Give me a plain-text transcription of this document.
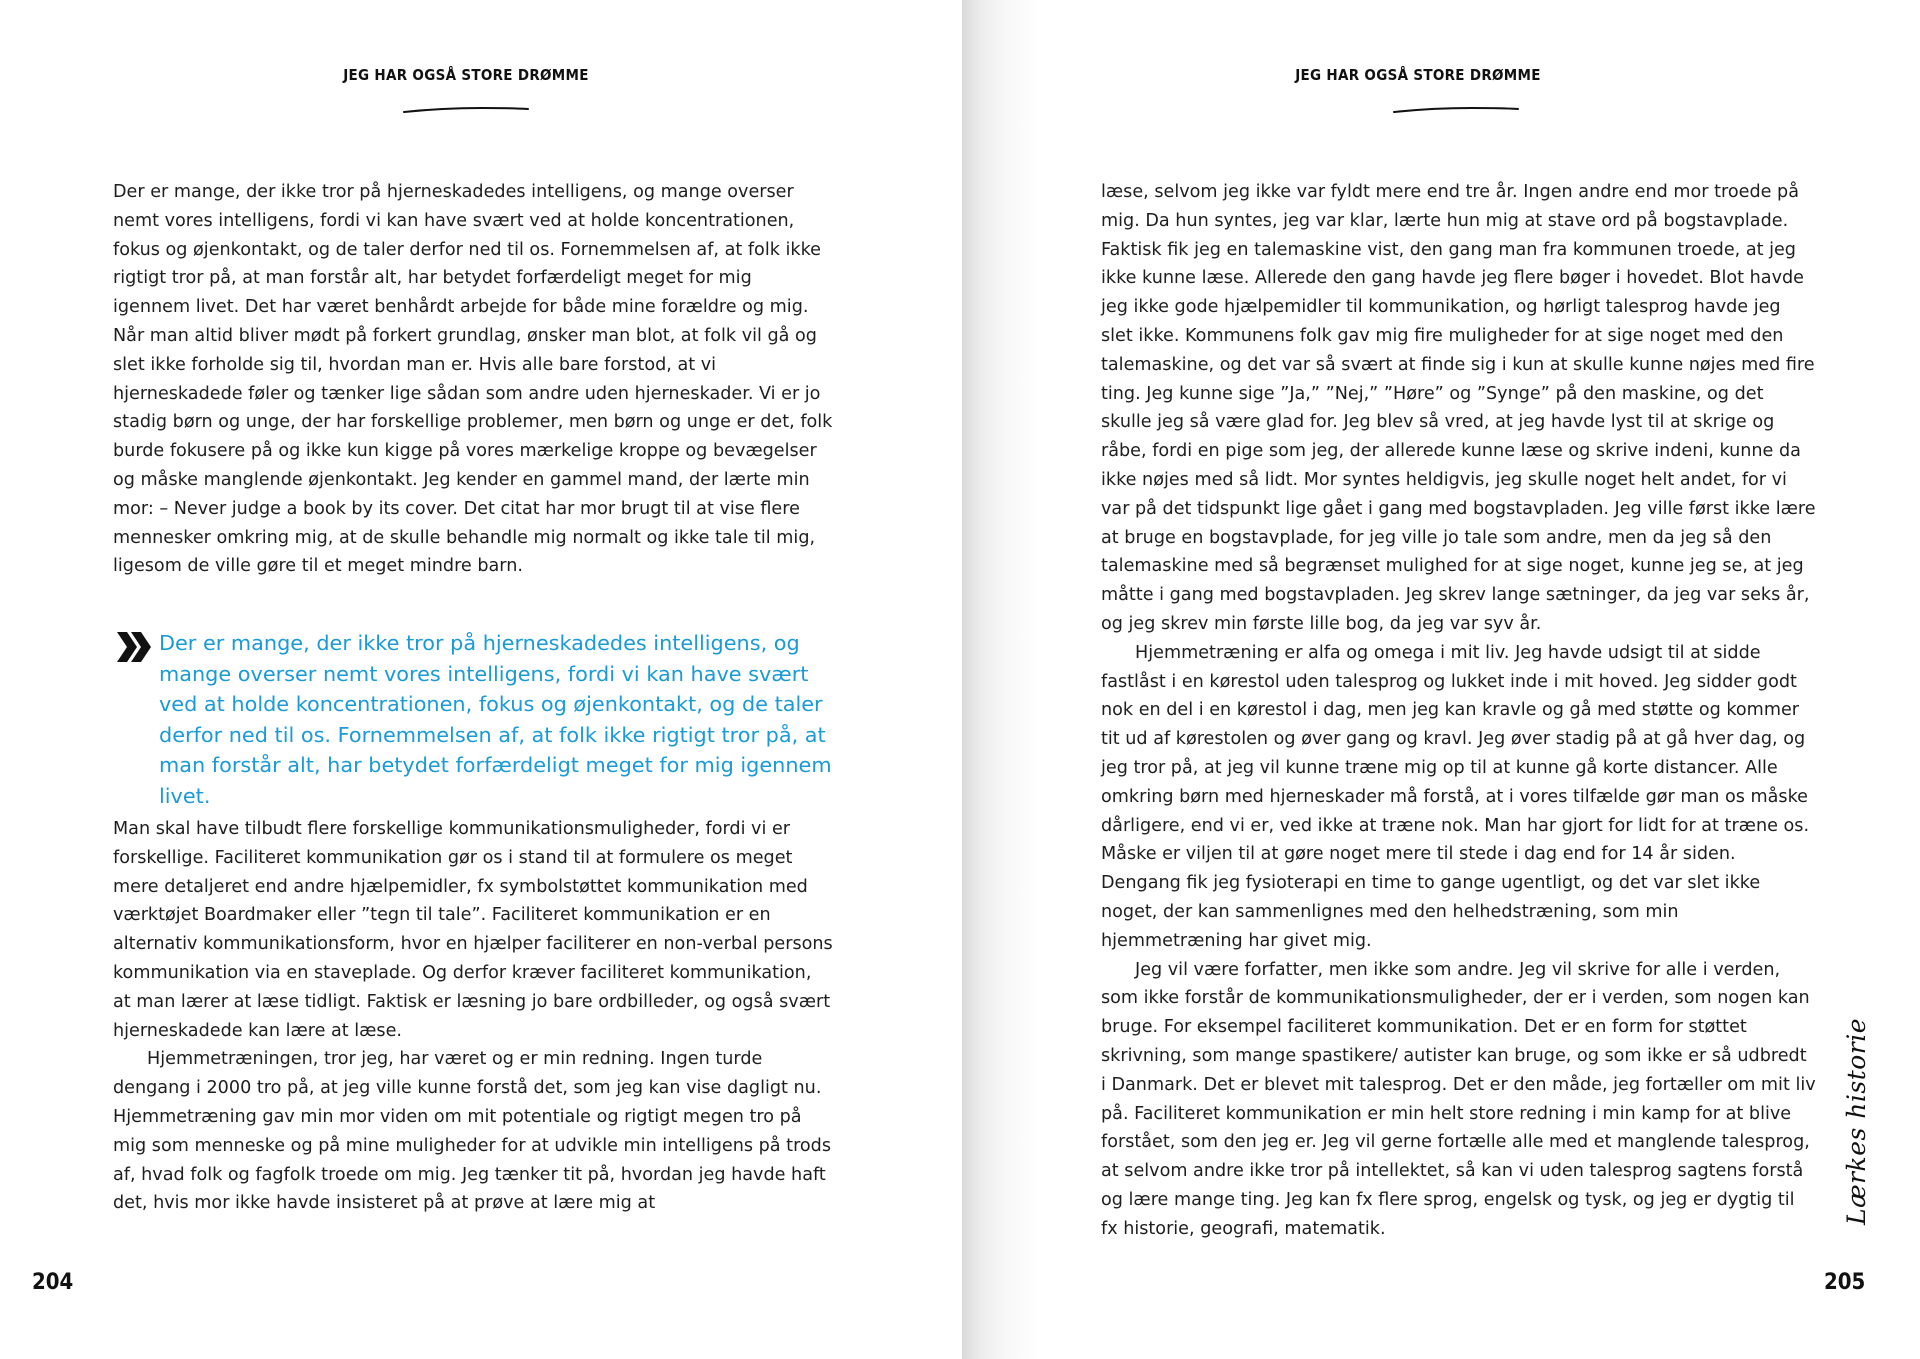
JEG HAR OGSÅ STORE DRØMME

Der er mange, der ikke tror på hjerneskadedes intelligens, og mange overser nemt vores intelligens, fordi vi kan have svært ved at holde koncentrationen, fokus og øjenkontakt, og de taler derfor ned til os. Fornemmelsen af, at folk ikke rigtigt tror på, at man forstår alt, har betydet forfærdeligt meget for mig igennem livet. Det har været benhårdt arbejde for både mine forældre og mig. Når man altid bliver mødt på forkert grundlag, ønsker man blot, at folk vil gå og slet ikke forholde sig til, hvordan man er. Hvis alle bare forstod, at vi hjerneskadede føler og tænker lige sådan som andre uden hjerneskader. Vi er jo stadig børn og unge, der har forskellige problemer, men børn og unge er det, folk burde fokusere på og ikke kun kigge på vores mærkelige kroppe og bevægelser og måske manglende øjenkontakt. Jeg kender en gammel mand, der lærte min mor: – Never judge a book by its cover. Det citat har mor brugt til at vise flere mennesker omkring mig, at de skulle behandle mig normalt og ikke tale til mig, ligesom de ville gøre til et meget mindre barn.

Der er mange, der ikke tror på hjerneskadedes intelligens, og mange overser nemt vores intelligens, fordi vi kan have svært ved at holde koncentrationen, fokus og øjenkontakt, og de taler derfor ned til os. Fornemmelsen af, at folk ikke rigtigt tror på, at man forstår alt, har betydet forfærdeligt meget for mig igennem livet.

Man skal have tilbudt flere forskellige kommunikationsmuligheder, fordi vi er forskellige. Faciliteret kommunikation gør os i stand til at formulere os meget mere detaljeret end andre hjælpemidler, fx symbolstøttet kommunikation med værktøjet Boardmaker eller ”tegn til tale”. Faciliteret kommunikation er en alternativ kommunikationsform, hvor en hjælper faciliterer en non-verbal persons kommunikation via en staveplade. Og derfor kræver faciliteret kommunikation, at man lærer at læse tidligt. Faktisk er læsning jo bare ordbilleder, og også svært hjerneskadede kan lære at læse.

Hjemmetræningen, tror jeg, har været og er min redning. Ingen turde dengang i 2000 tro på, at jeg ville kunne forstå det, som jeg kan vise dagligt nu. Hjemmetræning gav min mor viden om mit potentiale og rigtigt megen tro på mig som menneske og på mine muligheder for at udvikle min intelligens på trods af, hvad folk og fagfolk troede om mig. Jeg tænker tit på, hvordan jeg havde haft det, hvis mor ikke havde insisteret på at prøve at lære mig at

204
JEG HAR OGSÅ STORE DRØMME

læse, selvom jeg ikke var fyldt mere end tre år. Ingen andre end mor troede på mig. Da hun syntes, jeg var klar, lærte hun mig at stave ord på bogstavplade. Faktisk fik jeg en talemaskine vist, den gang man fra kommunen troede, at jeg ikke kunne læse. Allerede den gang havde jeg flere bøger i hovedet. Blot havde jeg ikke gode hjælpemidler til kommunikation, og hørligt talesprog havde jeg slet ikke. Kommunens folk gav mig fire muligheder for at sige noget med den talemaskine, og det var så svært at finde sig i kun at skulle kunne nøjes med fire ting. Jeg kunne sige ”Ja,” ”Nej,” ”Høre” og ”Synge” på den maskine, og det skulle jeg så være glad for. Jeg blev så vred, at jeg havde lyst til at skrige og råbe, fordi en pige som jeg, der allerede kunne læse og skrive indeni, kunne da ikke nøjes med så lidt. Mor syntes heldigvis, jeg skulle noget helt andet, for vi var på det tidspunkt lige gået i gang med bogstavpladen. Jeg ville først ikke lære at bruge en bogstavplade, for jeg ville jo tale som andre, men da jeg så den talemaskine med så begrænset mulighed for at sige noget, kunne jeg se, at jeg måtte i gang med bogstavpladen. Jeg skrev lange sætninger, da jeg var seks år, og jeg skrev min første lille bog, da jeg var syv år.

Hjemmetræning er alfa og omega i mit liv. Jeg havde udsigt til at sidde fastlåst i en kørestol uden talesprog og lukket inde i mit hoved. Jeg sidder godt nok en del i en kørestol i dag, men jeg kan kravle og gå med støtte og kommer tit ud af kørestolen og øver gang og kravl. Jeg øver stadig på at gå hver dag, og jeg tror på, at jeg vil kunne træne mig op til at kunne gå korte distancer. Alle omkring børn med hjerneskader må forstå, at i vores tilfælde gør man os måske dårligere, end vi er, ved ikke at træne nok. Man har gjort for lidt for at træne os. Måske er viljen til at gøre noget mere til stede i dag end for 14 år siden. Dengang fik jeg fysioterapi en time to gange ugentligt, og det var slet ikke noget, der kan sammenlignes med den helhedstræning, som min hjemmetræning har givet mig.

Jeg vil være forfatter, men ikke som andre. Jeg vil skrive for alle i verden, som ikke forstår de kommunikationsmuligheder, der er i verden, som nogen kan bruge. For eksempel faciliteret kommunikation. Det er en form for støttet skrivning, som mange spastikere/ autister kan bruge, og som ikke er så udbredt i Danmark. Det er blevet mit talesprog. Det er den måde, jeg fortæller om mit liv på. Faciliteret kommunikation er min helt store redning i min kamp for at blive forstået, som den jeg er. Jeg vil gerne fortælle alle med et manglende talesprog, at selvom andre ikke tror på intellektet, så kan vi uden talesprog sagtens forstå og lære mange ting. Jeg kan fx flere sprog, engelsk og tysk, og jeg er dygtig til fx historie, geografi, matematik.

Lærkes historie
205
